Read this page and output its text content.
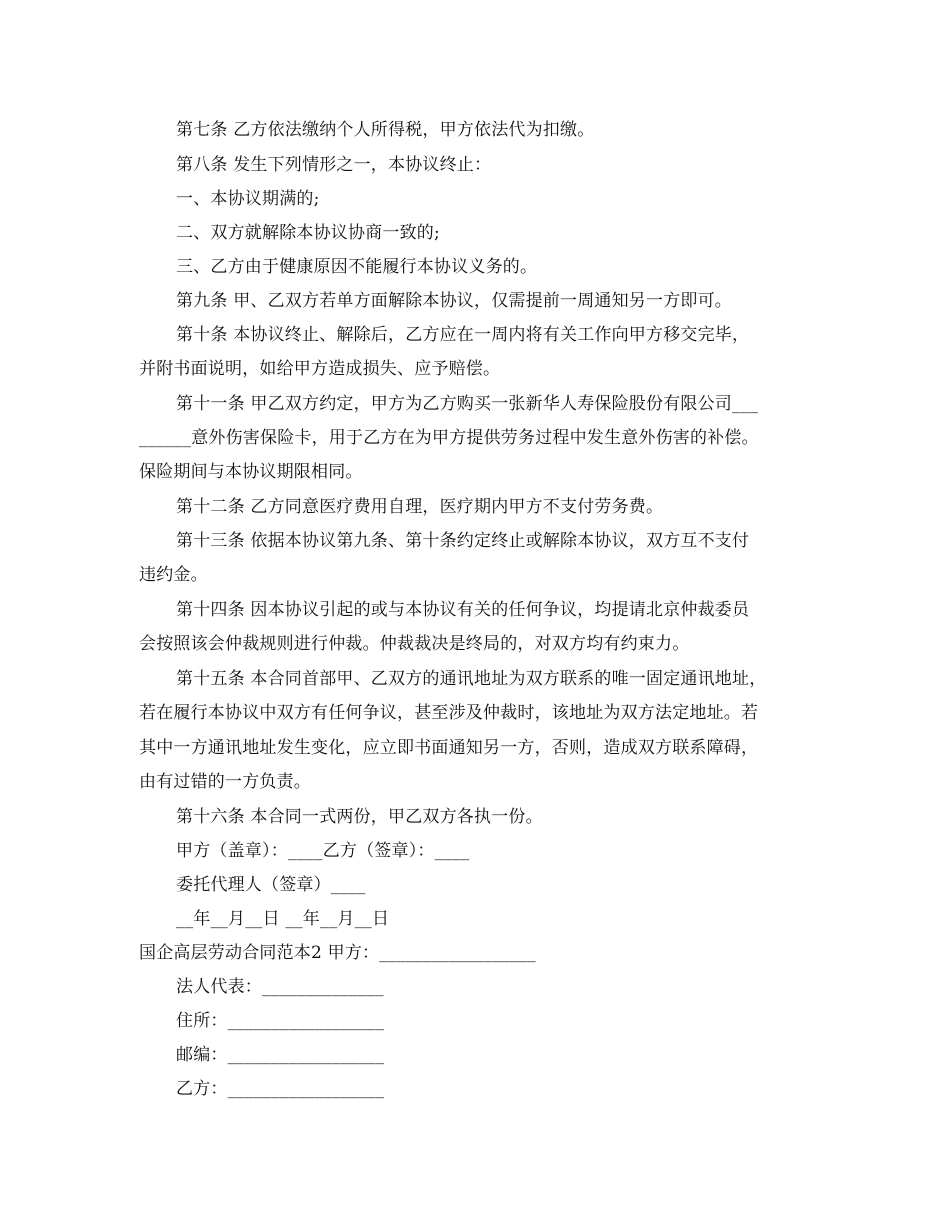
第七条 乙方依法缴纳个人所得税，甲方依法代为扣缴。
第八条 发生下列情形之一，本协议终止：
一、本协议期满的;
二、双方就解除本协议协商一致的;
三、乙方由于健康原因不能履行本协议义务的。
第九条 甲、乙双方若单方面解除本协议，仅需提前一周通知另一方即可。
第十条 本协议终止、解除后，乙方应在一周内将有关工作向甲方移交完毕，
并附书面说明，如给甲方造成损失、应予赔偿。
第十一条 甲乙双方约定，甲方为乙方购买一张新华人寿保险股份有限公司___
______意外伤害保险卡，用于乙方在为甲方提供劳务过程中发生意外伤害的补偿。
保险期间与本协议期限相同。
第十二条 乙方同意医疗费用自理，医疗期内甲方不支付劳务费。
第十三条 依据本协议第九条、第十条约定终止或解除本协议，双方互不支付
违约金。
第十四条 因本协议引起的或与本协议有关的任何争议，均提请北京仲裁委员
会按照该会仲裁规则进行仲裁。仲裁裁决是终局的，对双方均有约束力。
第十五条 本合同首部甲、乙双方的通讯地址为双方联系的唯一固定通讯地址，
若在履行本协议中双方有任何争议，甚至涉及仲裁时，该地址为双方法定地址。若
其中一方通讯地址发生变化，应立即书面通知另一方，否则，造成双方联系障碍，
由有过错的一方负责。
第十六条 本合同一式两份，甲乙双方各执一份。
甲方（盖章）：____乙方（签章）：____
委托代理人（签章）____
__年__月__日 __年__月__日
国企高层劳动合同范本2 甲方：__________________
法人代表：______________
住所：__________________
邮编：__________________
乙方：__________________
